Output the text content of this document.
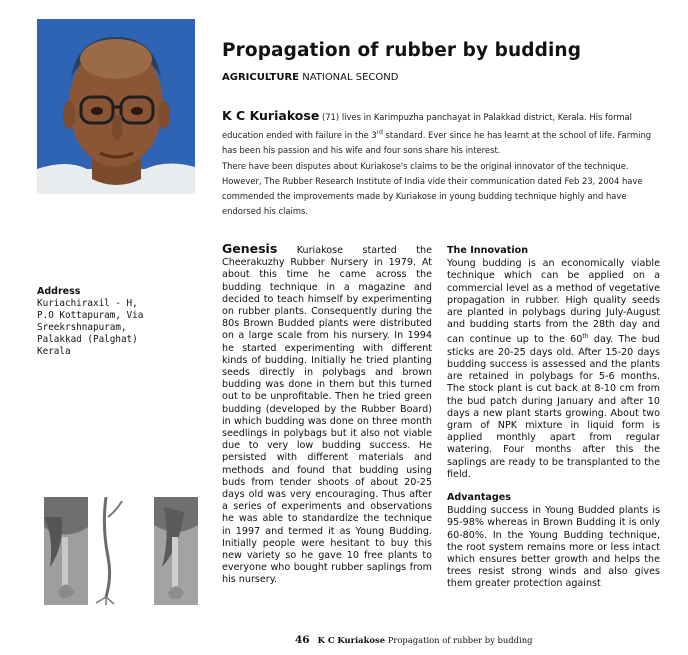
Propagation of rubber by budding
AGRICULTURE NATIONAL SECOND
K C Kuriakose (71) lives in Karimpuzha panchayat in Palakkad district, Kerala. His formal education ended with failure in the 3rd standard. Ever since he has learnt at the school of life. Farming has been his passion and his wife and four sons share his interest.
There have been disputes about Kuriakose's claims to be the original innovator of the technique. However, The Rubber Research Institute of India vide their communication dated Feb 23, 2004 have commended the improvements made by Kuriakose in young budding technique highly and have endorsed his claims.
Address
Kuriachiraxil - H,
P.O Kottapuram, Via
Sreekrshnapuram,
Palakkad (Palghat)
Kerala
Genesis Kuriakose started the Cheerakuzhy Rubber Nursery in 1979. At about this time he came across the budding technique in a magazine and decided to teach himself by experimenting on rubber plants. Consequently during the 80s Brown Budded plants were distributed on a large scale from his nursery. In 1994 he started experimenting with different kinds of budding. Initially he tried planting seeds directly in polybags and brown budding was done in them but this turned out to be unprofitable. Then he tried green budding (developed by the Rubber Board) in which budding was done on three month seedlings in polybags but it also not viable due to very low budding success. He persisted with different materials and methods and found that budding using buds from tender shoots of about 20-25 days old was very encouraging. Thus after a series of experiments and observations he was able to standardize the technique in 1997 and termed it as Young Budding. Initially people were hesitant to buy this new variety so he gave 10 free plants to everyone who bought rubber saplings from his nursery.
The Innovation

Young budding is an economically viable technique which can be applied on a commercial level as a method of vegetative propagation in rubber. High quality seeds are planted in polybags during July-August and budding starts from the 28th day and can continue up to the 60th day. The bud sticks are 20-25 days old. After 15-20 days budding success is assessed and the plants are retained in polybags for 5-6 months. The stock plant is cut back at 8-10 cm from the bud patch during January and after 10 days a new plant starts growing. About two gram of NPK mixture in liquid form is applied monthly apart from regular watering. Four months after this the saplings are ready to be transplanted to the field.

Advantages

Budding success in Young Budded plants is 95-98% whereas in Brown Budding it is only 60-80%. In the Young Budding technique, the root system remains more or less intact which ensures better growth and helps the trees resist strong winds and also gives them greater protection against

46 K C Kuriakose Propagation of rubber by budding
